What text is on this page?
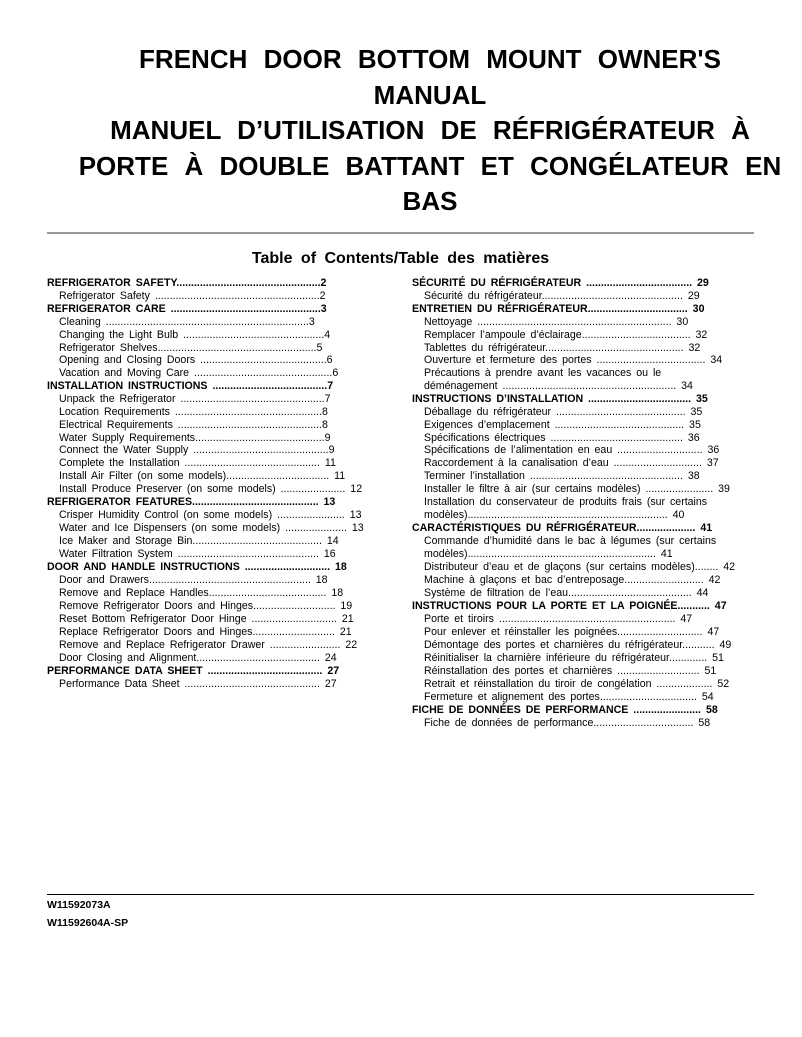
FRENCH DOOR BOTTOM MOUNT OWNER'S
MANUAL
MANUEL D’UTILISATION DE RÉFRIGÉRATEUR À
PORTE À DOUBLE BATTANT ET CONGÉLATEUR EN
BAS
Table of Contents/Table des matières
REFRIGERATOR SAFETY.................................................2
Refrigerator Safety ........................................................2
REFRIGERATOR CARE ...................................................3
Cleaning .....................................................................3
Changing the Light Bulb ................................................4
Refrigerator Shelves......................................................5
Opening and Closing Doors ...........................................6
Vacation and Moving Care ...............................................6
INSTALLATION INSTRUCTIONS .......................................7
Unpack the Refrigerator .................................................7
Location Requirements ..................................................8
Electrical Requirements .................................................8
Water Supply Requirements............................................9
Connect the Water Supply ..............................................9
Complete the Installation .............................................. 11
Install Air Filter (on some models)................................... 11
Install Produce Preserver (on some models) ...................... 12
REFRIGERATOR FEATURES........................................... 13
Crisper Humidity Control (on some models) ....................... 13
Water and Ice Dispensers (on some models) ..................... 13
Ice Maker and Storage Bin............................................ 14
Water Filtration System ................................................ 16
DOOR AND HANDLE INSTRUCTIONS ............................. 18
Door and Drawers....................................................... 18
Remove and Replace Handles........................................ 18
Remove Refrigerator Doors and Hinges............................ 19
Reset Bottom Refrigerator Door Hinge ............................. 21
Replace Refrigerator Doors and Hinges............................ 21
Remove and Replace Refrigerator Drawer ........................ 22
Door Closing and Alignment.......................................... 24
PERFORMANCE DATA SHEET ....................................... 27
Performance Data Sheet .............................................. 27
SÉCURITÉ DU RÉFRIGÉRATEUR .................................... 29
Sécurité du réfrigérateur................................................ 29
ENTRETIEN DU RÉFRIGÉRATEUR.................................. 30
Nettoyage .................................................................. 30
Remplacer l’ampoule d’éclairage..................................... 32
Tablettes du réfrigérateur............................................... 32
Ouverture et fermeture des portes ..................................... 34
Précautions à prendre avant les vacances ou le
déménagement ........................................................... 34
INSTRUCTIONS D’INSTALLATION ................................... 35
Déballage du réfrigérateur ............................................ 35
Exigences d’emplacement ............................................ 35
Spécifications électriques ............................................. 36
Spécifications de l’alimentation en eau ............................. 36
Raccordement à la canalisation d’eau .............................. 37
Terminer l’installation .................................................... 38
Installer le filtre à air (sur certains modèles) ....................... 39
Installation du conservateur de produits frais (sur certains
modèles).................................................................... 40
CARACTÉRISTIQUES DU RÉFRIGÉRATEUR.................... 41
Commande d’humidité dans le bac à légumes (sur certains
modèles)................................................................ 41
Distributeur d’eau et de glaçons (sur certains modèles)........ 42
Machine à glaçons et bac d’entreposage........................... 42
Système de filtration de l’eau.......................................... 44
INSTRUCTIONS POUR LA PORTE ET LA POIGNÉE........... 47
Porte et tiroirs ............................................................ 47
Pour enlever et réinstaller les poignées............................. 47
Démontage des portes et charnières du réfrigérateur........... 49
Réinitialiser la charnière inférieure du réfrigérateur............. 51
Réinstallation des portes et charnières ............................ 51
Retrait et réinstallation du tiroir de congélation ................... 52
Fermeture et alignement des portes................................. 54
FICHE DE DONNÉES DE PERFORMANCE ....................... 58
Fiche de données de performance.................................. 58
W11592073A
W11592604A-SP
